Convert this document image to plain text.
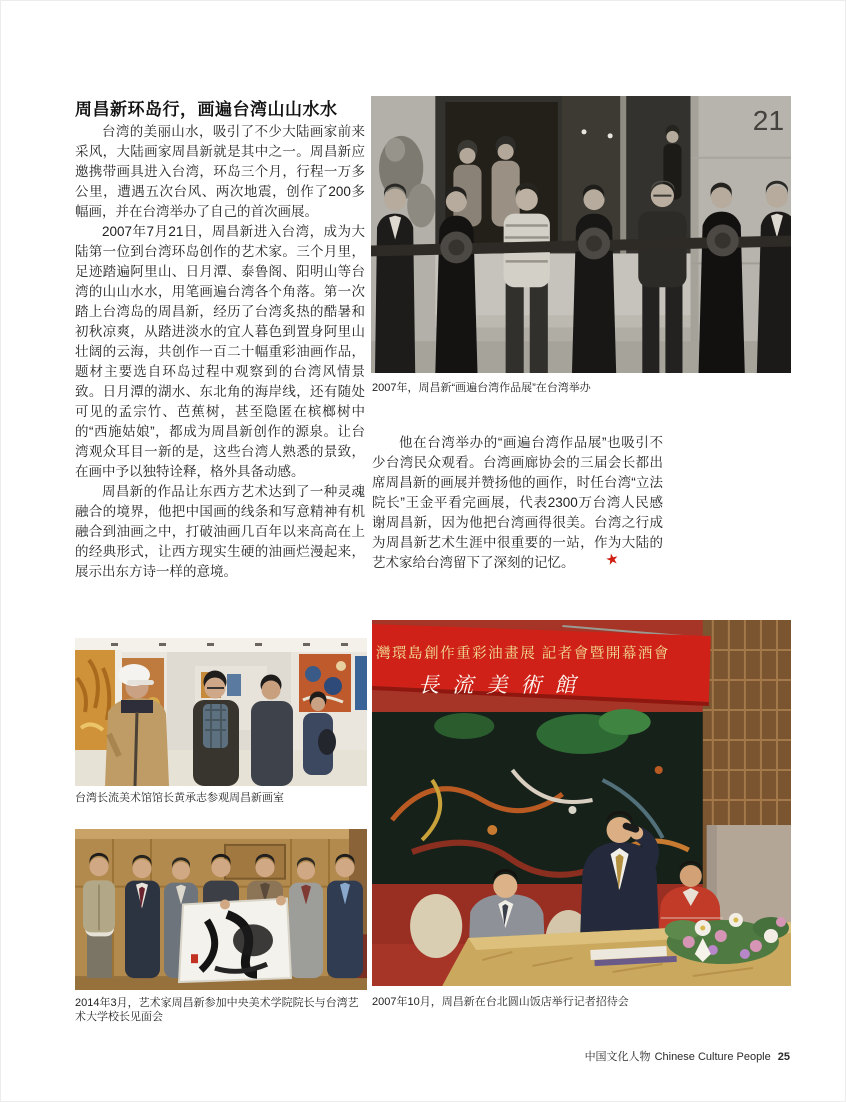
周昌新环岛行，画遍台湾山山水水

台湾的美丽山水，吸引了不少大陆画家前来采风，大陆画家周昌新就是其中之一。周昌新应邀携带画具进入台湾，环岛三个月，行程一万多公里，遭遇五次台风、两次地震，创作了200多幅画，并在台湾举办了自己的首次画展。

2007年7月21日，周昌新进入台湾，成为大陆第一位到台湾环岛创作的艺术家。三个月里，足迹踏遍阿里山、日月潭、泰鲁阁、阳明山等台湾的山山水水，用笔画遍台湾各个角落。第一次踏上台湾岛的周昌新，经历了台湾炙热的酷暑和初秋凉爽，从踏进淡水的宜人暮色到置身阿里山壮阔的云海，共创作一百二十幅重彩油画作品，题材主要选自环岛过程中观察到的台湾风情景致。日月潭的湖水、东北角的海岸线，还有随处可见的孟宗竹、芭蕉树，甚至隐匿在槟榔树中的“西施姑娘”，都成为周昌新创作的源泉。让台湾观众耳目一新的是，这些台湾人熟悉的景致，在画中予以独特诠释，格外具备动感。

周昌新的作品让东西方艺术达到了一种灵魂融合的境界，他把中国画的线条和写意精神有机融合到油画之中，打破油画几百年以来高高在上的经典形式，让西方现实生硬的油画烂漫起来，展示出东方诗一样的意境。

21
2007年，周昌新“画遍台湾作品展”在台湾举办

他在台湾举办的“画遍台湾作品展”也吸引不少台湾民众观看。台湾画廊协会的三届会长都出席周昌新的画展并赞扬他的画作，时任台湾“立法院长”王金平看完画展，代表2300万台湾人民感谢周昌新，因为他把台湾画得很美。台湾之行成为周昌新艺术生涯中很重要的一站，作为大陆的艺术家给台湾留下了深刻的记忆。 ★

台湾长流美术馆馆长黄承志参观周昌新画室
2014年3月，艺术家周昌新参加中央美术学院院长与台湾艺术大学校长见面会
灣環島創作重彩油畫展 記者會暨開幕酒會
長流美術館
2007年10月，周昌新在台北圆山饭店举行记者招待会
中国文化人物 Chinese Culture People 25
